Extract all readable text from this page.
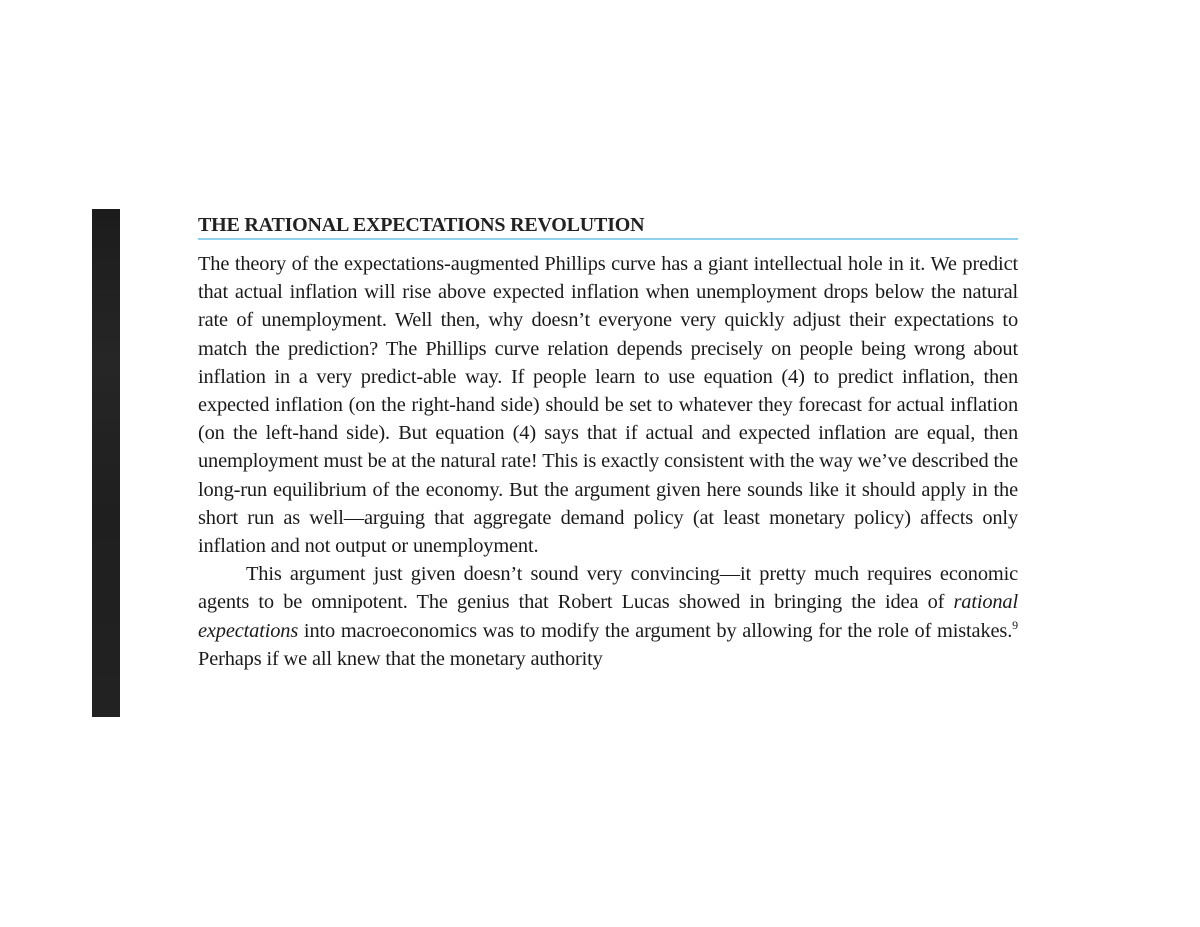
THE RATIONAL EXPECTATIONS REVOLUTION

The theory of the expectations-augmented Phillips curve has a giant intellectual hole in it. We predict that actual inflation will rise above expected inflation when unemployment drops below the natural rate of unemployment. Well then, why doesn’t everyone very quickly adjust their expectations to match the prediction? The Phillips curve relation depends precisely on people being wrong about inflation in a very predict-able way. If people learn to use equation (4) to predict inflation, then expected inflation (on the right-hand side) should be set to whatever they forecast for actual inflation (on the left-hand side). But equation (4) says that if actual and expected inflation are equal, then unemployment must be at the natural rate! This is exactly consistent with the way we’ve described the long-run equilibrium of the economy. But the argument given here sounds like it should apply in the short run as well—arguing that aggregate demand policy (at least monetary policy) affects only inflation and not output or unemployment.

This argument just given doesn’t sound very convincing—it pretty much requires economic agents to be omnipotent. The genius that Robert Lucas showed in bringing the idea of rational expectations into macroeconomics was to modify the argument by allowing for the role of mistakes.$^9$ Perhaps if we all knew that the monetary authority
